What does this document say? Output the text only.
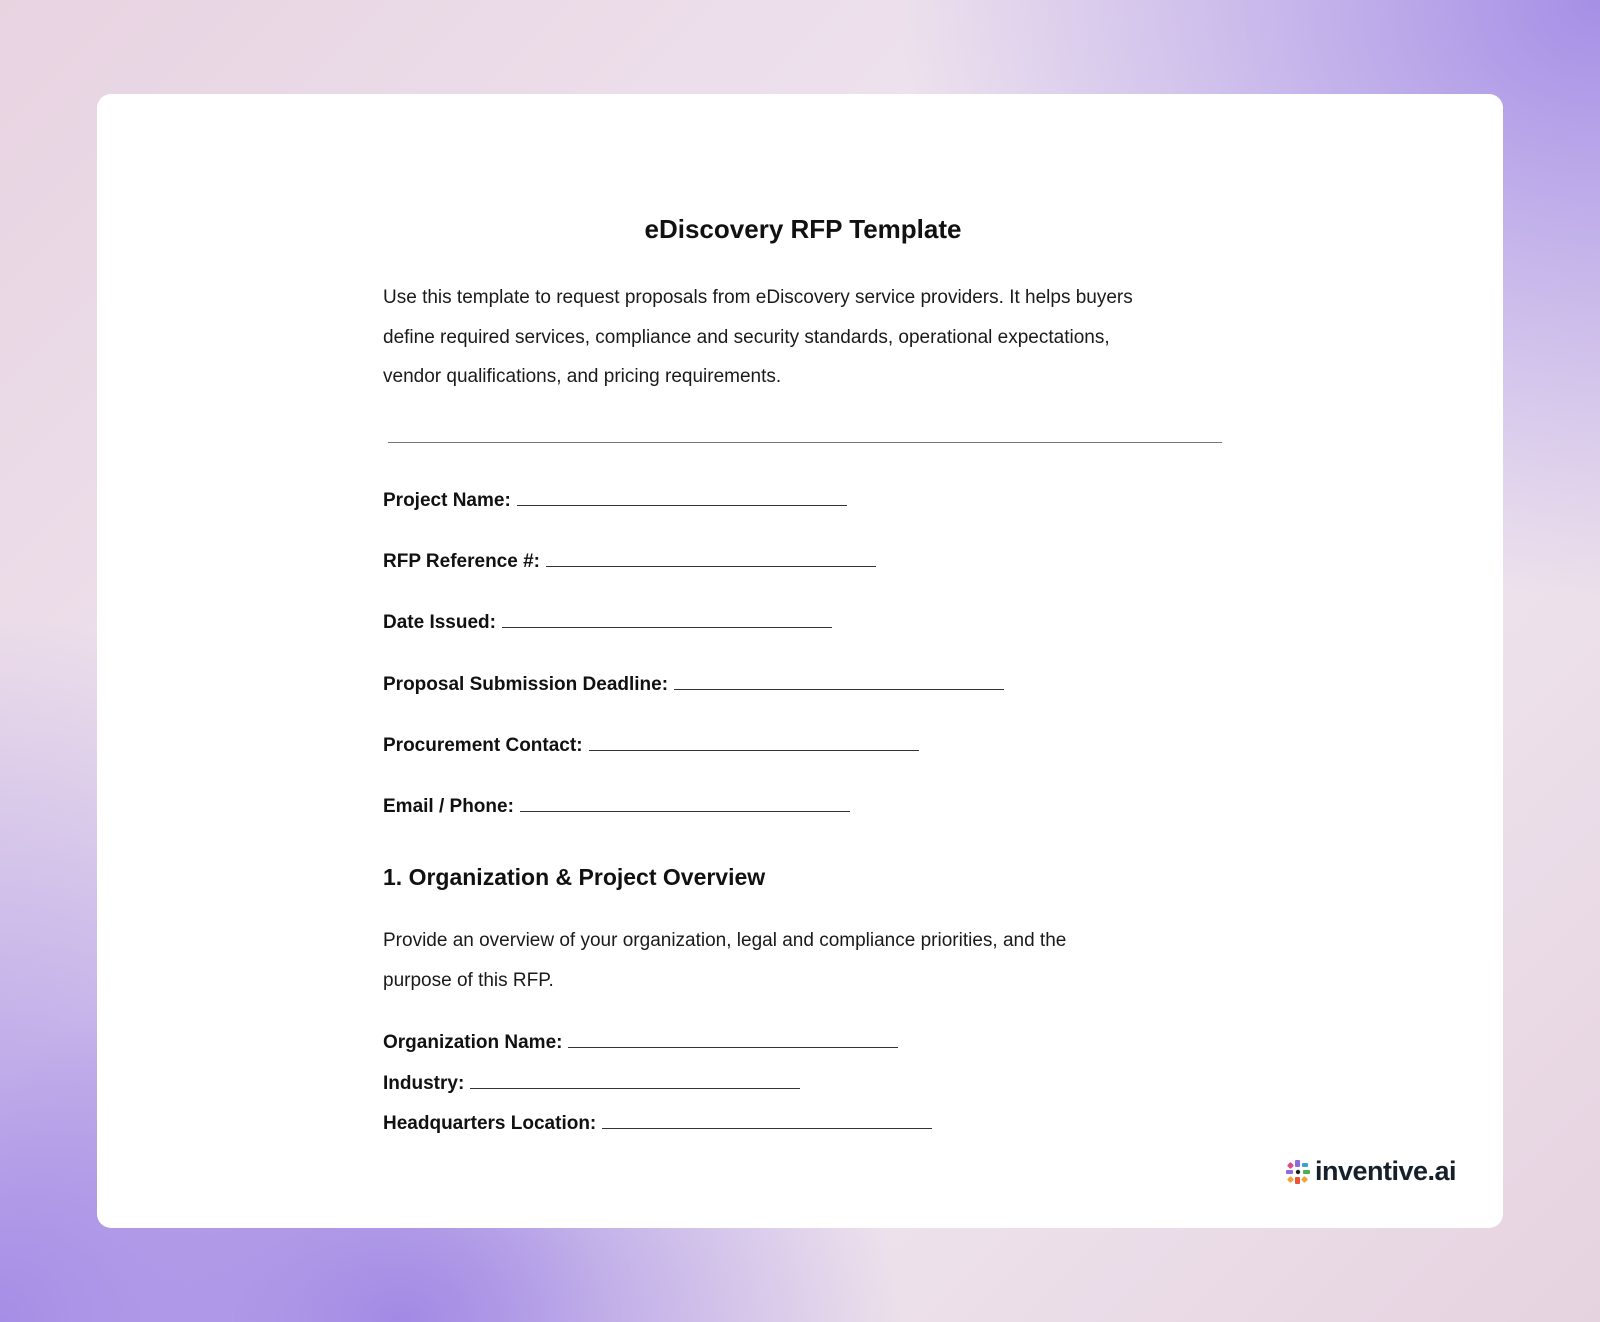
eDiscovery RFP Template
Use this template to request proposals from eDiscovery service providers. It helps buyers
define required services, compliance and security standards, operational expectations,
vendor qualifications, and pricing requirements.
Project Name:
RFP Reference #:
Date Issued:
Proposal Submission Deadline:
Procurement Contact:
Email / Phone:
1. Organization & Project Overview
Provide an overview of your organization, legal and compliance priorities, and the
purpose of this RFP.
Organization Name:
Industry:
Headquarters Location:
inventive.ai
